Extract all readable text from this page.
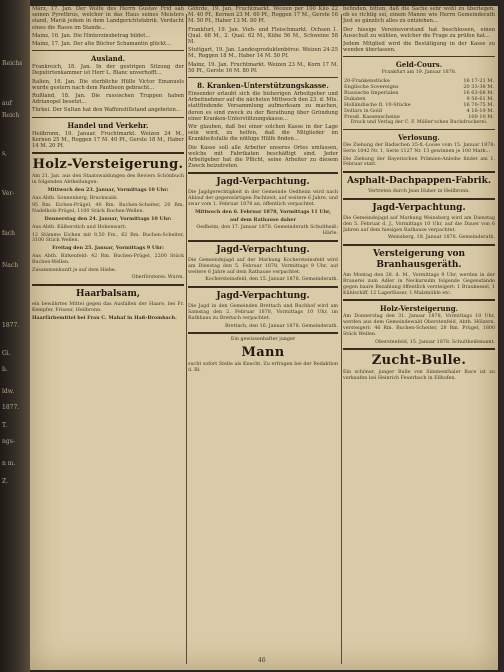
Reichs
auf
Reich
s,
Ver-
fach
Nach
1877.
Gi.
h.
ldw.
1877.
T.
ngs-
n m.
Z.

März, 17. Jan. Der Wolfe des Herrn Gustav Frid sah seinen Pyrethrus, welcher in das Haus seines Meisters stand, Mariä jedem in dem Landgerichtsfabrik. Verdacht eines die Rasse im Stande...

Mainz, 16. Jan. Die Hinterzinsbetrag bildet...

Mainz, 17. Jan. Der alte Bücher Schamantin glückt...

Ausland.

Frankreich, 18. Jan. In der gestrigen Sitzung der Deputirtenkammer ist Herr L. Blanc unverhofft...

Italien, 16. Jan. Die sterbliche Hülle Victor Emanuels wurde gestern nach dem Pantheon gebracht...

Rußland, 18. Jan. Die russischen Truppen haben Adrianopel besetzt...

Türkei. Der Sultan hat den Waffenstillstand angeboten...

Handel und Verkehr.

Heilbronn, 19. Januar. Fruchtmarkt. Weizen 24 M., Kernen 25 M., Roggen 17 M. 40 Pf., Gerste 18 M., Haber 14 M. 20 Pf.

Holz-Versteigerung.

Am 21. Jan. aus den Staatswaldungen des Reviers Schönbuch in folgenden Abtheilungen:

Mittwoch den 23. Januar, Vormittags 10 Uhr:

Aus Abth. Sonnenberg, Bruckwald:

95 Rm. Eichen-Prügel, 40 Rm. Buchen-Scheiter, 20 Rm. Nadelholz-Prügel, 1100 Stück Buchen-Wellen.

Donnerstag den 24. Januar, Vormittags 10 Uhr:

Aus Abth. Kälberstich und Hohenwart:

12 Stämme Eichen mit 8,50 Fm., 62 Rm. Buchen-Scheiter, 3100 Stück Wellen.

Freitag den 25. Januar, Vormittags 9 Uhr:

Aus Abth. Birkenfeld: 42 Rm. Buchen-Prügel, 2200 Stück Buchen-Wellen.

Zusammenkunft je auf dem Hiebe.

Oberförsterei: Wurm.

Haarbalsam,

ein bewährtes Mittel gegen das Ausfallen der Haare, bei Fr. Kempfer, Friseur, Heilbronn.

Haarfärbemittel bei Frau C. Mahaf in Haß-Brombach.

Göhrde, 19. Jan. Fruchtmarkt. Weizen per 100 Kilo 22 M. 40 Pf., Kernen 23 M. 60 Pf., Roggen 17 M., Gerste 16 M. 50 Pf., Haber 13 M. 80 Pf.

Frankfurt, 19. Jan. Vieh- und Fleischmarkt. Ochsen 1. Qual. 68 M., 2. Qual. 62 M., Kühe 56 M., Schweine 58 M.

Stuttgart, 19. Jan. Landesproduktenbörse. Weizen 24-25 M., Roggen 18 M., Haber 14 M. 50 Pf.

Mainz, 19. Jan. Fruchtmarkt. Weizen 23 M., Korn 17 M. 50 Pf., Gerste 16 M. 80 Pf.

8. Kranken-Unterstützungskasse.

Einsender erlaubt sich die bisherigen Arbeitgeber und Arbeitnehmer auf die nächsten Mittwoch den 23. d. Mts. stattfindende Versammlung aufmerksam zu machen, deren es sind zweck zu der Berathung über Gründung einer Kranken-Unterstützungskasse...

Wir glauben, daß bei einer solchen Kasse in der Lage sein wird, zu helfen, daß die Mitglieder im Krankheitsfalle die nöthige Hülfe finden...

Die Kasse soll alle Arbeiter unseres Ortes umfassen, welche mit Fabrikaten beschäftigt sind. Jeder Arbeitgeber hat die Pflicht, seine Arbeiter zu diesem Zweck beizutreten.

Jagd-Verpachtung.

Die Jagdgerechtigkeit in der Gemeinde Oedheim wird nach Ablauf der gegenwärtigen Pachtzeit, auf weitere 6 Jahre, und zwar vom 1. Februar 1878 an, öffentlich verpachtet.

Mittwoch den 6. Februar 1878, Vormittags 11 Uhr,

auf dem Rathause daher

Oedheim, den 17. Januar 1878. Gemeinderath Schultheiß: Härle.

Jagd-Verpachtung.

Die Gemeindejagd auf der Markung Kochersteinsfeld wird am Dienstag den 5. Februar 1878, Vormittags 9 Uhr, auf weitere 6 Jahre auf dem Rathause verpachtet.

Kochersteinsfeld, den 15. Januar 1878. Gemeinderath.

Jagd-Verpachtung.

Die Jagd in den Gemeinden Brettach und Buchhof wird am Samstag den 2. Februar 1878, Vormittags 10 Uhr, im Rathhaus zu Brettach verpachtet.

Brettach, den 16. Januar 1878. Gemeinderath.

Ein gewissenhafter junger

Mann

sucht sofort Stelle als Knecht. Zu erfragen bei der Redaktion d. Bl.

46

befinden, bitten, daß die Sache sehr wohl zu überlegen, ob es richtig sei, einem Manne wie Herrn Gemeinderath Jost so gänzlich alles zu entziehen...

Der hiesige Vereinsvorstand hat beschlossen, einen Ausschuß zu wählen, welcher die Frage zu prüfen hat...

Jedem Mitglied wird die Bestätigung in der Kasse zu wenden überlassen.

Geld-Cours.

Frankfurt am 19. Januar 1878.

20-Frankenstücke	16 17-21 M.
Englische Sovereigns	20 33-38 M.
Russische Imperialen	16 63-68 M.
Dukaten	9 56-61 M.
Holländische fl. 10-Stücke	16 70-75 M.
Dollars in Gold	4 16-19 M.
Preuß. Kassenscheine	100 10 M.

Druck und Verlag der C. F. Müller'schen Buchdruckerei.

Verlosung.

Die Ziehung der Badischen 35-fl.-Loose vom 15. Januar 1878: Serie 1042 Nr. 1, Serie 1127 Nr. 13 gewinnen je 100 Mark...

Die Ziehung der Bayerischen Prämien-Anleihe findet am 1. Februar statt.

Asphalt-Dachpappen-Fabrik.

Vertreten durch Jean Huber in Heilbronn.

Jagd-Verpachtung.

Die Gemeindejagd auf Markung Weinsberg wird am Dienstag den 5. Februar d. J., Vormittags 10 Uhr, auf die Dauer von 6 Jahren auf dem hiesigen Rathause verpachtet.

Weinsberg, 18. Januar 1878. Gemeinderath.

Versteigerung von Branhausgeräth.

Am Montag den 28. d. M., Vormittags 9 Uhr, werden in der Brauerei zum Adler in Neckarsulm folgende Gegenstände gegen baare Bezahlung öffentlich versteigert: 1 Braukessel, 1 Kühlschiff, 12 Lagerfässer, 1 Malzmühle etc.

Holz-Versteigerung.

Am Donnerstag den 31. Januar 1878, Vormittags 10 Uhr, werden aus dem Gemeindewald Oberstenfeld, Abth. Hölzern, versteigert: 46 Rm. Buchen-Scheiter, 28 Rm. Prügel, 1800 Stück Wellen.

Oberstenfeld, 15. Januar 1878. Schultheißenamt.

Zucht-Bulle.

Ein schöner, junger Bulle von Simmenthaler Race ist zu verkaufen bei Heinrich Feuerbach in Ellhofen.
